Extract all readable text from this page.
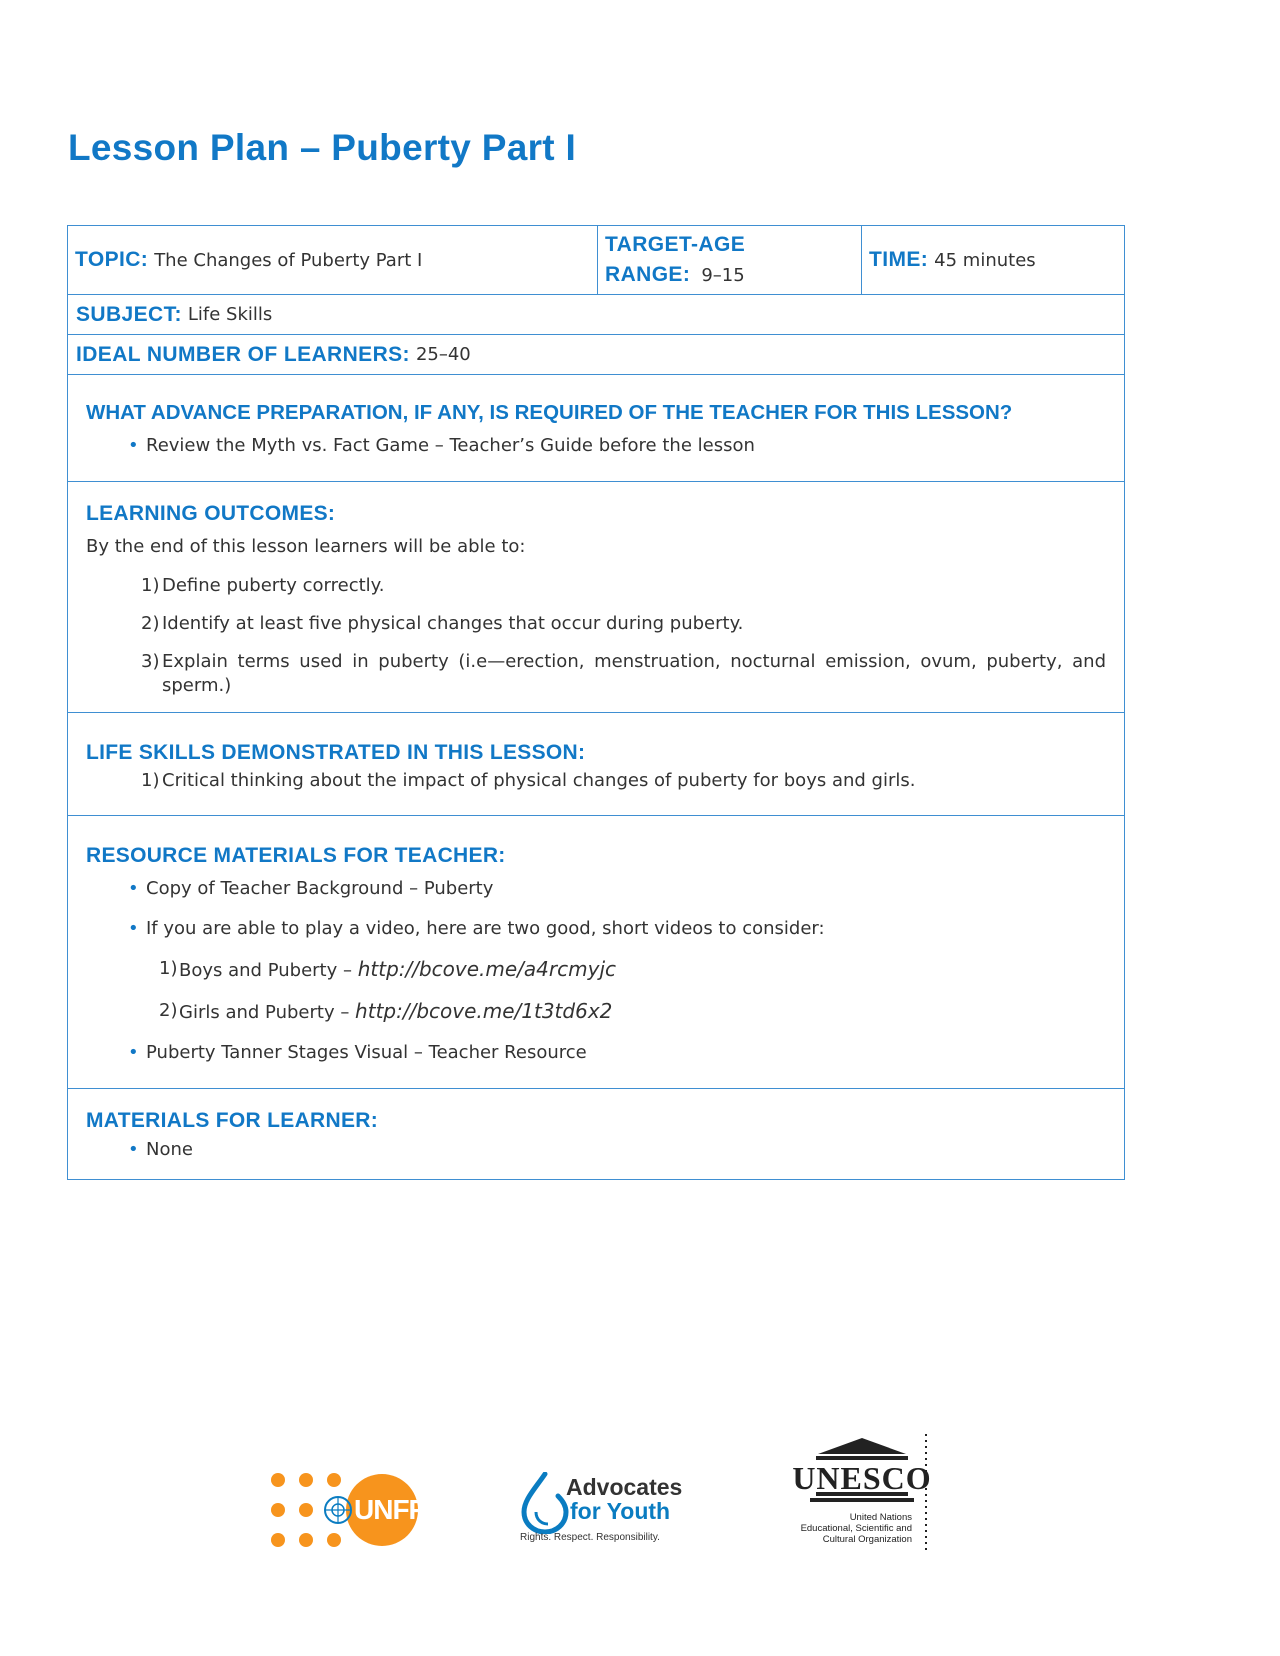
Lesson Plan – Puberty Part I
TOPIC: The Changes of Puberty Part I
TARGET-AGE
RANGE: 9–15
TIME: 45 minutes
SUBJECT: Life Skills
IDEAL NUMBER OF LEARNERS: 25–40
WHAT ADVANCE PREPARATION, IF ANY, IS REQUIRED OF THE TEACHER FOR THIS LESSON?
• Review the Myth vs. Fact Game – Teacher’s Guide before the lesson
LEARNING OUTCOMES:
By the end of this lesson learners will be able to:
1) Define puberty correctly.
2) Identify at least five physical changes that occur during puberty.
3) Explain terms used in puberty (i.e—erection, menstruation, nocturnal emission, ovum, puberty, and sperm.)
LIFE SKILLS DEMONSTRATED IN THIS LESSON:
1) Critical thinking about the impact of physical changes of puberty for boys and girls.
RESOURCE MATERIALS FOR TEACHER:
• Copy of Teacher Background – Puberty
• If you are able to play a video, here are two good, short videos to consider:
1) Boys and Puberty – http://bcove.me/a4rcmyjc
2) Girls and Puberty – http://bcove.me/1t3td6x2
• Puberty Tanner Stages Visual – Teacher Resource
MATERIALS FOR LEARNER:
• None
UNFPA
Advocates
for Youth
Rights. Respect. Responsibility.
UNESCO
United Nations
Educational, Scientific and
Cultural Organization
